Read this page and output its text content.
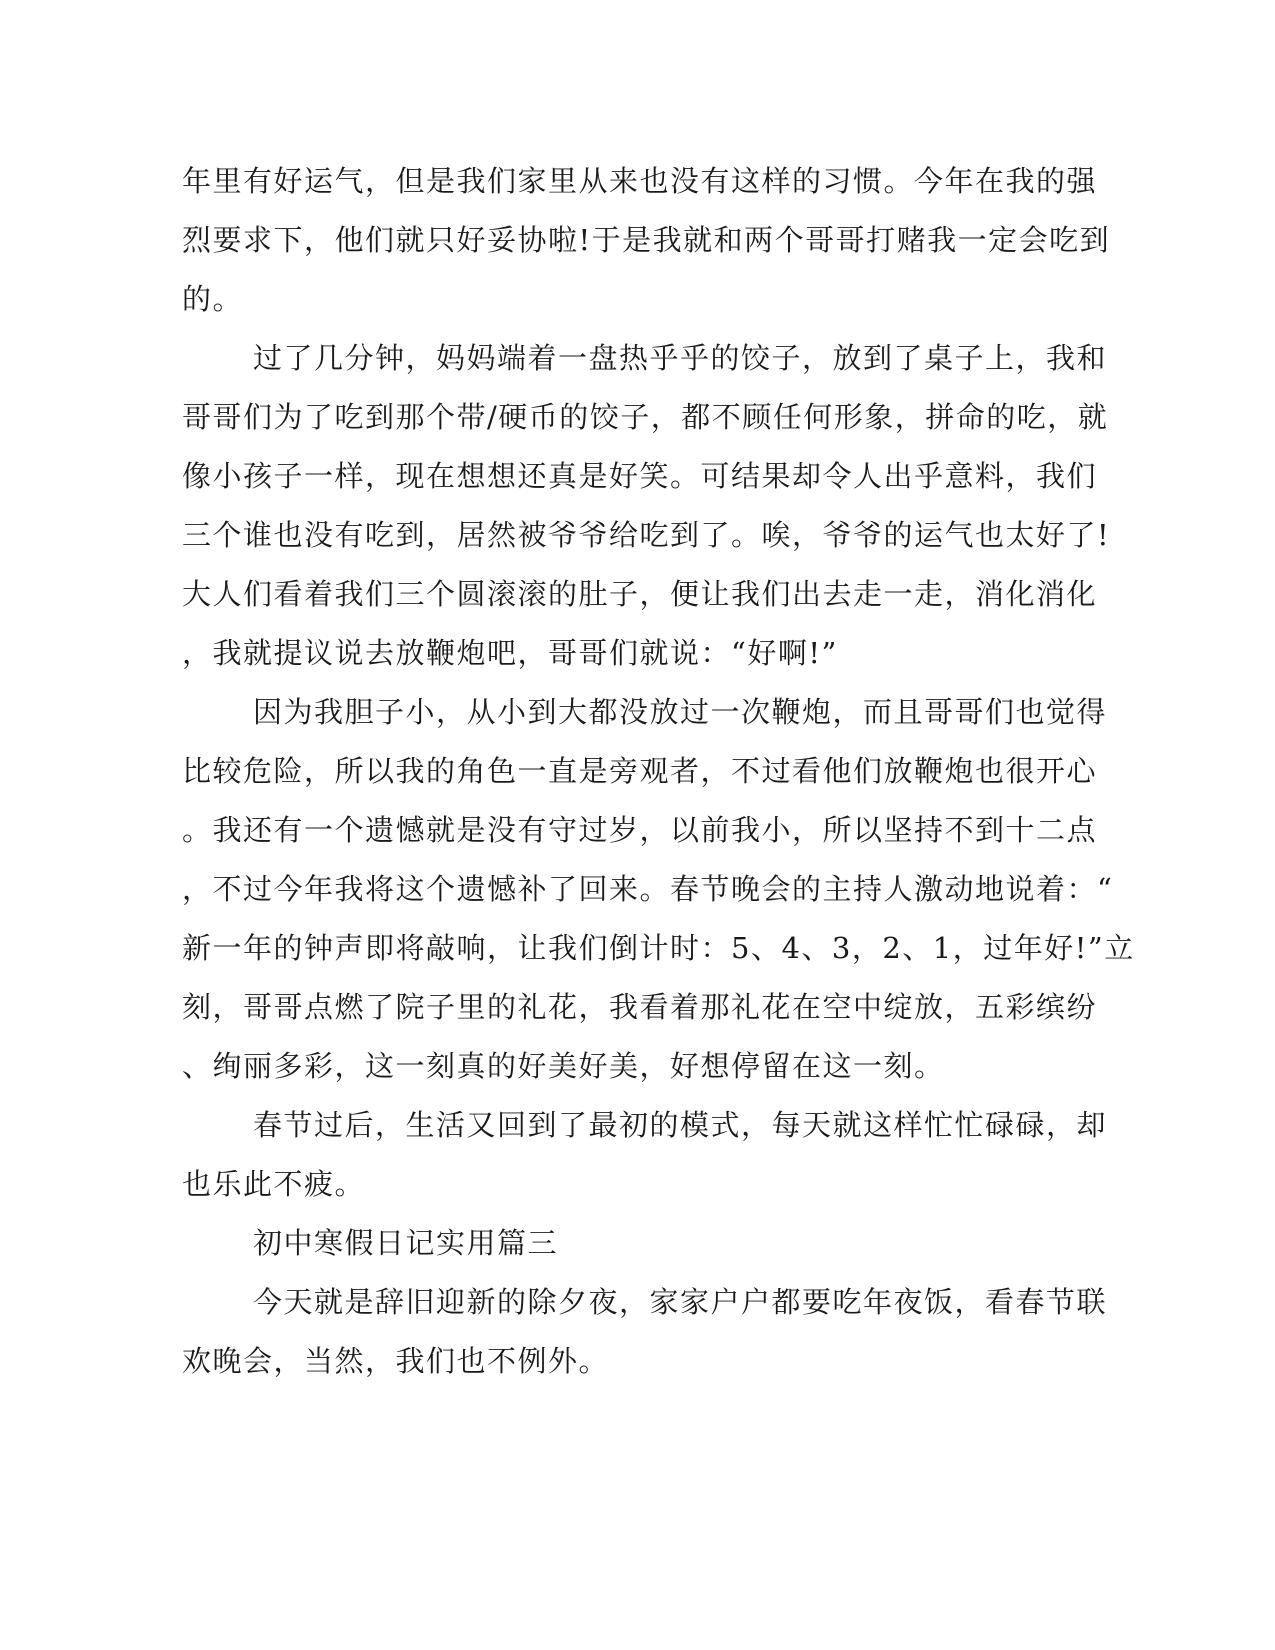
年里有好运气，但是我们家里从来也没有这样的习惯。今年在我的强
烈要求下，他们就只好妥协啦!于是我就和两个哥哥打赌我一定会吃到
的。
过了几分钟，妈妈端着一盘热乎乎的饺子，放到了桌子上，我和
哥哥们为了吃到那个带/硬币的饺子，都不顾任何形象，拼命的吃，就
像小孩子一样，现在想想还真是好笑。可结果却令人出乎意料，我们
三个谁也没有吃到，居然被爷爷给吃到了。唉，爷爷的运气也太好了!
大人们看着我们三个圆滚滚的肚子，便让我们出去走一走，消化消化
，我就提议说去放鞭炮吧，哥哥们就说：“好啊!”
因为我胆子小，从小到大都没放过一次鞭炮，而且哥哥们也觉得
比较危险，所以我的角色一直是旁观者，不过看他们放鞭炮也很开心
。我还有一个遗憾就是没有守过岁，以前我小，所以坚持不到十二点
，不过今年我将这个遗憾补了回来。春节晚会的主持人激动地说着：“
新一年的钟声即将敲响，让我们倒计时：5、4、3，2、1，过年好!”立
刻，哥哥点燃了院子里的礼花，我看着那礼花在空中绽放，五彩缤纷
、绚丽多彩，这一刻真的好美好美，好想停留在这一刻。
春节过后，生活又回到了最初的模式，每天就这样忙忙碌碌，却
也乐此不疲。
初中寒假日记实用篇三
今天就是辞旧迎新的除夕夜，家家户户都要吃年夜饭，看春节联
欢晚会，当然，我们也不例外。
